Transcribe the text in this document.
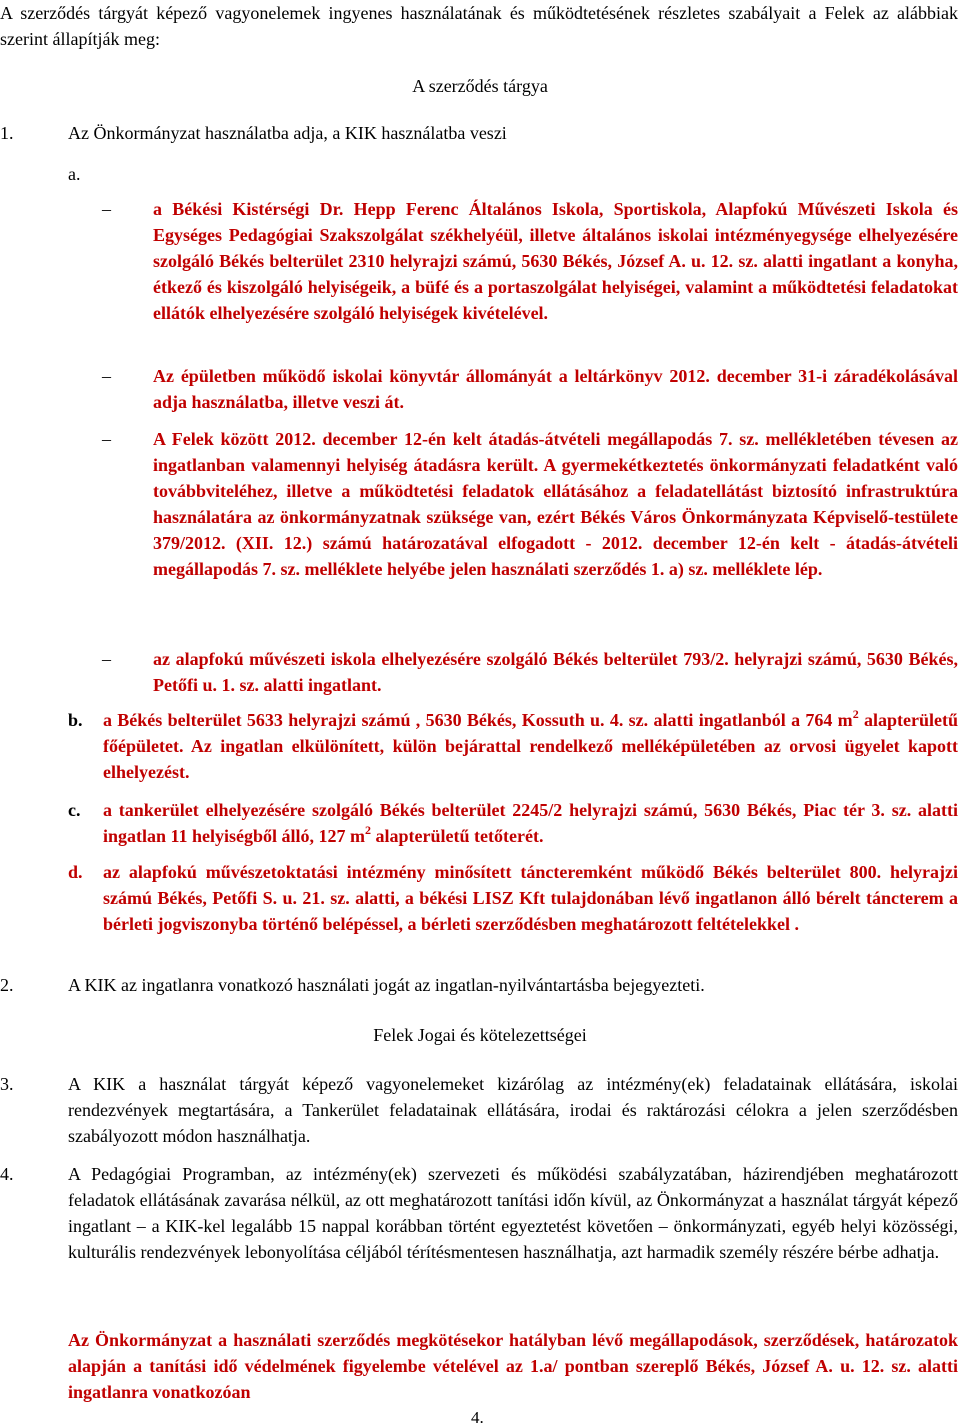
A szerződés tárgyát képező vagyonelemek ingyenes használatának és működtetésének részletes szabályait a Felek az alábbiak szerint állapítják meg:

A szerződés tárgya

1.	Az Önkormányzat használatba adja, a KIK használatba veszi

a.

– a Békési Kistérségi Dr. Hepp Ferenc Általános Iskola, Sportiskola, Alapfokú Művészeti Iskola és Egységes Pedagógiai Szakszolgálat székhelyéül, illetve általános iskolai intézményegysége elhelyezésére szolgáló Békés belterület 2310 helyrajzi számú, 5630 Békés, József A. u. 12. sz. alatti ingatlant a konyha, étkező és kiszolgáló helyiségeik, a büfé és a portaszolgálat helyiségei, valamint a működtetési feladatokat ellátók elhelyezésére szolgáló helyiségek kivételével.

– Az épületben működő iskolai könyvtár állományát a leltárkönyv 2012. december 31-i záradékolásával adja használatba, illetve veszi át.

– A Felek között 2012. december 12-én kelt átadás-átvételi megállapodás 7. sz. mellékletében tévesen az ingatlanban valamennyi helyiség átadásra került. A gyermekétkeztetés önkormányzati feladatként való továbbviteléhez, illetve a működtetési feladatok ellátásához a feladatellátást biztosító infrastruktúra használatára az önkormányzatnak szüksége van, ezért Békés Város Önkormányzata Képviselő-testülete 379/2012. (XII. 12.) számú határozatával elfogadott - 2012. december 12-én kelt - átadás-átvételi megállapodás 7. sz. melléklete helyébe jelen használati szerződés 1. a) sz. melléklete lép.

– az alapfokú művészeti iskola elhelyezésére szolgáló Békés belterület 793/2. helyrajzi számú, 5630 Békés, Petőfi u. 1. sz. alatti ingatlant.

b. a Békés belterület 5633 helyrajzi számú , 5630 Békés, Kossuth u. 4. sz. alatti ingatlanból a 764 $m^2$ alapterületű főépületet. Az ingatlan elkülönített, külön bejárattal rendelkező melléképületében az orvosi ügyelet kapott elhelyezést.

c. a tankerület elhelyezésére szolgáló Békés belterület 2245/2 helyrajzi számú, 5630 Békés, Piac tér 3. sz. alatti ingatlan 11 helyiségből álló, 127 $m^2$ alapterületű tetőterét.

d. az alapfokú művészetoktatási intézmény minősített táncteremként működő Békés belterület 800. helyrajzi számú Békés, Petőfi S. u. 21. sz. alatti, a békési LISZ Kft tulajdonában lévő ingatlanon álló bérelt táncterem a bérleti jogviszonyba történő belépéssel, a bérleti szerződésben meghatározott feltételekkel .

2.	A KIK az ingatlanra vonatkozó használati jogát az ingatlan-nyilvántartásba bejegyezteti.

Felek Jogai és kötelezettségei

3.	A KIK a használat tárgyát képező vagyonelemeket kizárólag az intézmény(ek) feladatainak ellátására, iskolai rendezvények megtartására, a Tankerület feladatainak ellátására, irodai és raktározási célokra a jelen szerződésben szabályozott módon használhatja.

4.	A Pedagógiai Programban, az intézmény(ek) szervezeti és működési szabályzatában, házirendjében meghatározott feladatok ellátásának zavarása nélkül, az ott meghatározott tanítási időn kívül, az Önkormányzat a használat tárgyát képező ingatlant – a KIK-kel legalább 15 nappal korábban történt egyeztetést követően – önkormányzati, egyéb helyi közösségi, kulturális rendezvények lebonyolítása céljából térítésmentesen használhatja, azt harmadik személy részére bérbe adhatja.

Az Önkormányzat a használati szerződés megkötésekor hatályban lévő megállapodások, szerződések, határozatok alapján a tanítási idő védelmének figyelembe vételével az 1.a/ pontban szereplő Békés, József A. u. 12. sz. alatti ingatlanra vonatkozóan

4.
